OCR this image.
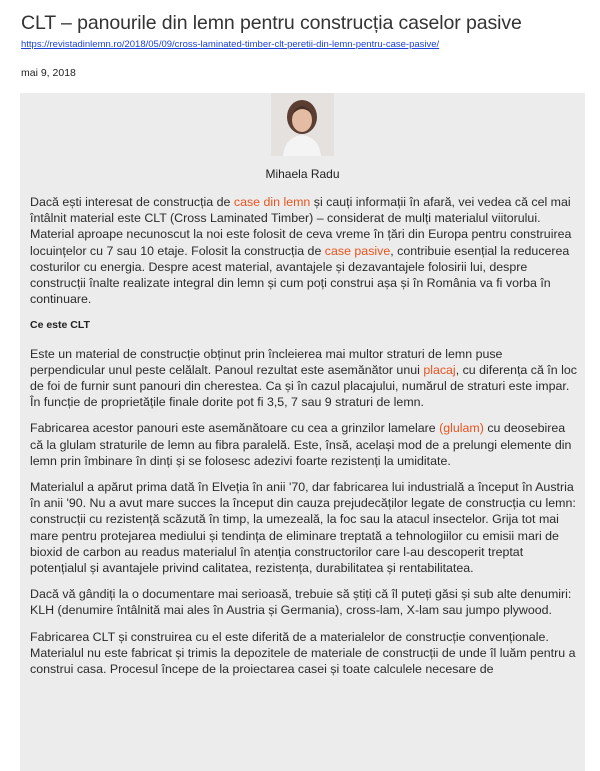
CLT – panourile din lemn pentru construcția caselor pasive
https://revistadinlemn.ro/2018/05/09/cross-laminated-timber-clt-peretii-din-lemn-pentru-case-pasive/
mai 9, 2018
Mihaela Radu

Dacă ești interesat de construcția de case din lemn și cauți informații în afară, vei vedea că cel mai întâlnit material este CLT (Cross Laminated Timber) – considerat de mulți materialul viitorului. Material aproape necunoscut la noi este folosit de ceva vreme în țări din Europa pentru construirea locuințelor cu 7 sau 10 etaje. Folosit la construcția de case pasive, contribuie esențial la reducerea costurilor cu energia. Despre acest material, avantajele și dezavantajele folosirii lui, despre construcții înalte realizate integral din lemn și cum poți construi așa și în România va fi vorba în continuare.

Ce este CLT

Este un material de construcție obținut prin încleierea mai multor straturi de lemn puse perpendicular unul peste celălalt. Panoul rezultat este asemănător unui placaj, cu diferența că în loc de foi de furnir sunt panouri din cherestea. Ca și în cazul placajului, numărul de straturi este impar. În funcție de proprietățile finale dorite pot fi 3,5, 7 sau 9 straturi de lemn.

Fabricarea acestor panouri este asemănătoare cu cea a grinzilor lamelare (glulam) cu deosebirea că la glulam straturile de lemn au fibra paralelă. Este, însă, același mod de a prelungi elemente din lemn prin îmbinare în dinți și se folosesc adezivi foarte rezistenți la umiditate.

Materialul a apărut prima dată în Elveția în anii '70, dar fabricarea lui industrială a început în Austria în anii '90. Nu a avut mare succes la început din cauza prejudecăților legate de construcția cu lemn: construcții cu rezistență scăzută în timp, la umezeală, la foc sau la atacul insectelor. Grija tot mai mare pentru protejarea mediului și tendința de eliminare treptată a tehnologiilor cu emisii mari de bioxid de carbon au readus materialul în atenția constructorilor care l-au descoperit treptat potențialul și avantajele privind calitatea, rezistența, durabilitatea și rentabilitatea.

Dacă vă gândiți la o documentare mai serioasă, trebuie să știți că îl puteți găsi și sub alte denumiri: KLH (denumire întâlnită mai ales în Austria și Germania), cross-lam, X-lam sau jumpo plywood.

Fabricarea CLT și construirea cu el este diferită de a materialelor de construcție convenționale. Materialul nu este fabricat și trimis la depozitele de materiale de construcții de unde îl luăm pentru a construi casa. Procesul începe de la proiectarea casei și toate calculele necesare de
